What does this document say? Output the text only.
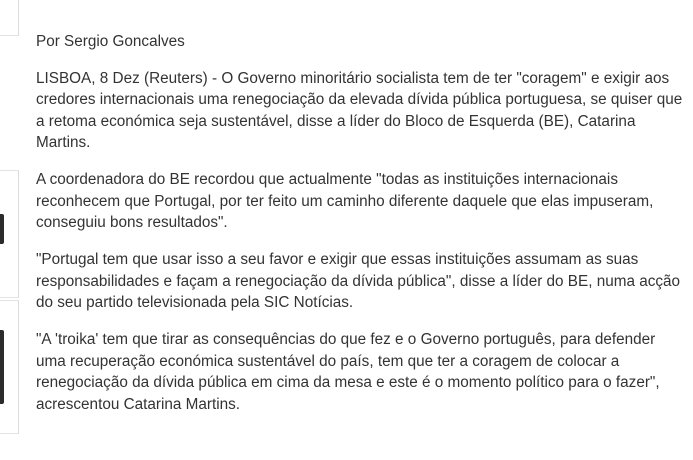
Por Sergio Goncalves

LISBOA, 8 Dez (Reuters) - O Governo minoritário socialista tem de ter "coragem" e exigir aos credores internacionais uma renegociação da elevada dívida pública portuguesa, se quiser que a retoma económica seja sustentável, disse a líder do Bloco de Esquerda (BE), Catarina Martins.

A coordenadora do BE recordou que actualmente "todas as instituições internacionais reconhecem que Portugal, por ter feito um caminho diferente daquele que elas impuseram, conseguiu bons resultados".

"Portugal tem que usar isso a seu favor e exigir que essas instituições assumam as suas responsabilidades e façam a renegociação da dívida pública", disse a líder do BE, numa acção do seu partido televisionada pela SIC Notícias.

"A 'troika' tem que tirar as consequências do que fez e o Governo português, para defender uma recuperação económica sustentável do país, tem que ter a coragem de colocar a renegociação da dívida pública em cima da mesa e este é o momento político para o fazer", acrescentou Catarina Martins.
